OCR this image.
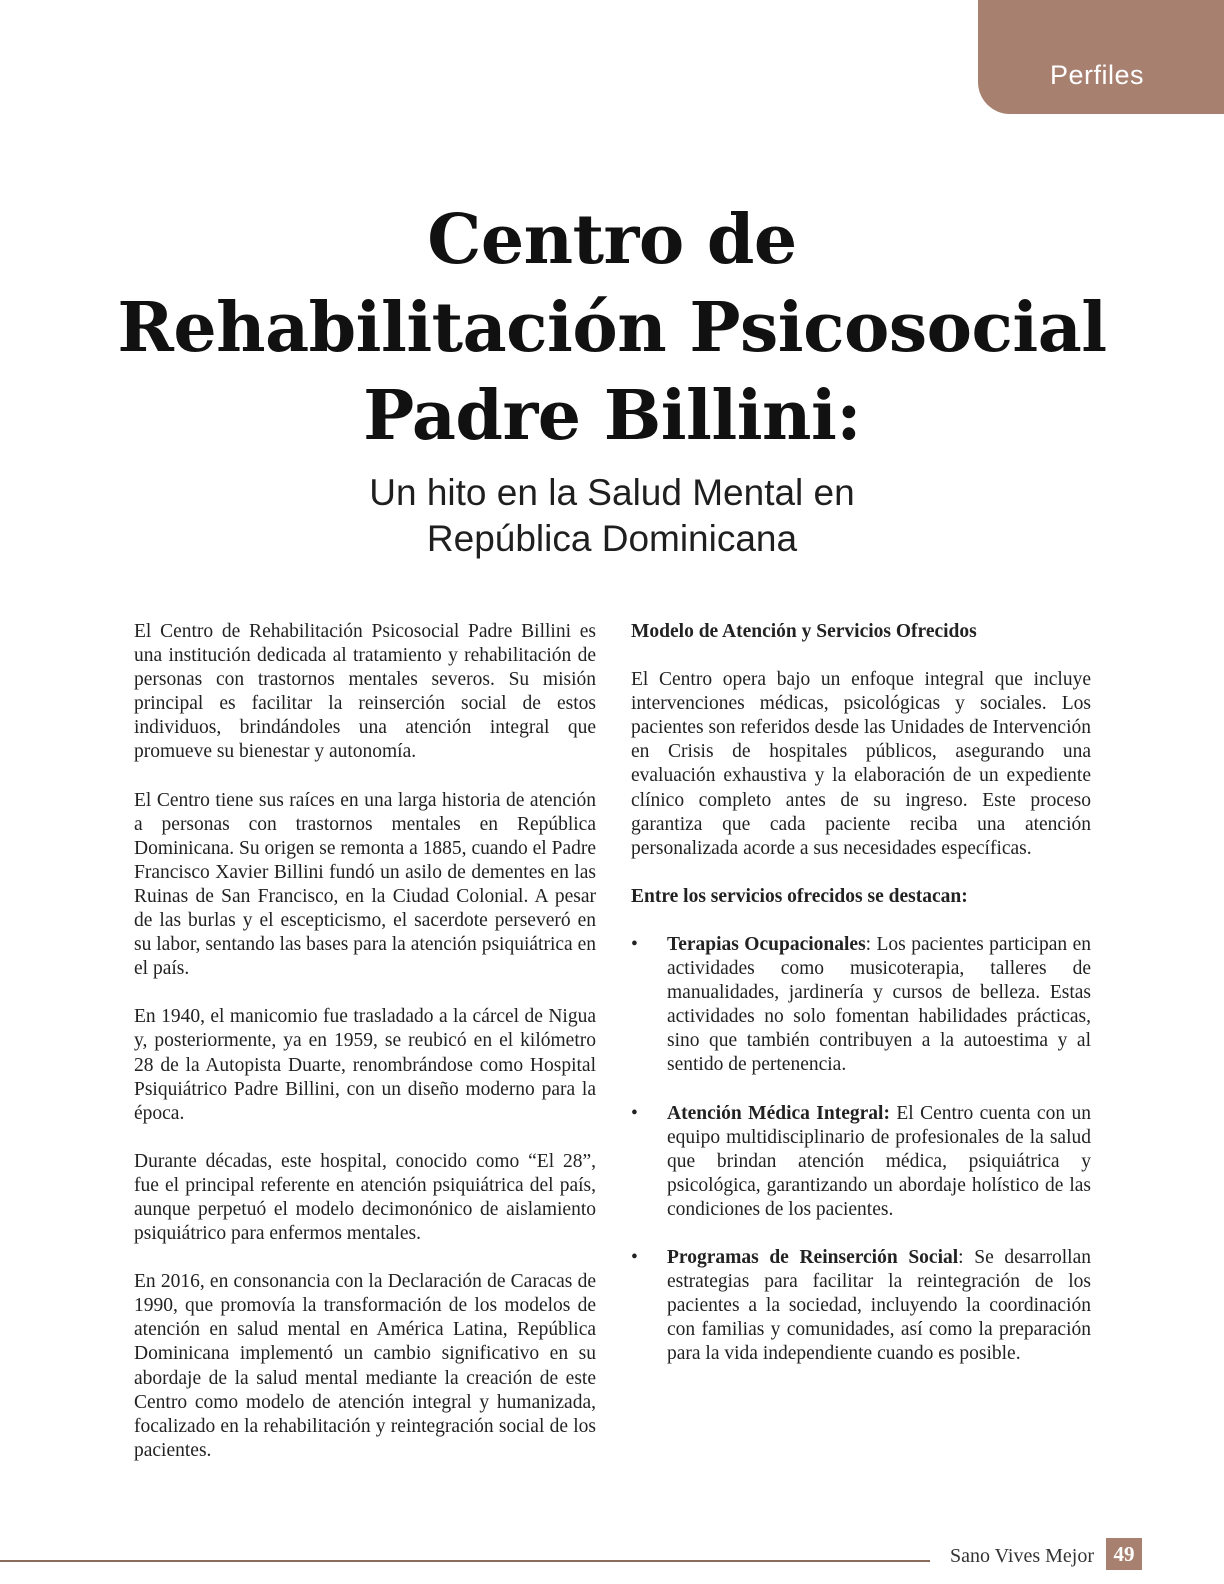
Perfiles
Centro de
Rehabilitación Psicosocial
Padre Billini:
Un hito en la Salud Mental en
República Dominicana

El Centro de Rehabilitación Psicosocial Padre Billini es una institución dedicada al tratamiento y rehabilitación de personas con trastornos mentales severos. Su misión principal es facilitar la reinserción social de estos individuos, brindándoles una atención integral que promueve su bienestar y autonomía.

El Centro tiene sus raíces en una larga historia de atención a personas con trastornos mentales en República Dominicana. Su origen se remonta a 1885, cuando el Padre Francisco Xavier Billini fundó un asilo de dementes en las Ruinas de San Francisco, en la Ciudad Colonial. A pesar de las burlas y el escepticismo, el sacerdote perseveró en su labor, sentando las bases para la atención psiquiátrica en el país.

En 1940, el manicomio fue trasladado a la cárcel de Nigua y, posteriormente, ya en 1959, se reubicó en el kilómetro 28 de la Autopista Duarte, renombrándose como Hospital Psiquiátrico Padre Billini, con un diseño moderno para la época.

Durante décadas, este hospital, conocido como “El 28”, fue el principal referente en atención psiquiátrica del país, aunque perpetuó el modelo decimonónico de aislamiento psiquiátrico para enfermos mentales.

En 2016, en consonancia con la Declaración de Caracas de 1990, que promovía la transformación de los modelos de atención en salud mental en América Latina, República Dominicana implementó un cambio significativo en su abordaje de la salud mental mediante la creación de este Centro como modelo de atención integral y humanizada, focalizado en la rehabilitación y reintegración social de los pacientes.

Modelo de Atención y Servicios Ofrecidos

El Centro opera bajo un enfoque integral que incluye intervenciones médicas, psicológicas y sociales. Los pacientes son referidos desde las Unidades de Intervención en Crisis de hospitales públicos, asegurando una evaluación exhaustiva y la elaboración de un expediente clínico completo antes de su ingreso. Este proceso garantiza que cada paciente reciba una atención personalizada acorde a sus necesidades específicas.

Entre los servicios ofrecidos se destacan:
• Terapias Ocupacionales: Los pacientes participan en actividades como musicoterapia, talleres de manualidades, jardinería y cursos de belleza. Estas actividades no solo fomentan habilidades prácticas, sino que también contribuyen a la autoestima y al sentido de pertenencia.
• Atención Médica Integral: El Centro cuenta con un equipo multidisciplinario de profesionales de la salud que brindan atención médica, psiquiátrica y psicológica, garantizando un abordaje holístico de las condiciones de los pacientes.
• Programas de Reinserción Social: Se desarrollan estrategias para facilitar la reintegración de los pacientes a la sociedad, incluyendo la coordinación con familias y comunidades, así como la preparación para la vida independiente cuando es posible.
Sano Vives Mejor 49
